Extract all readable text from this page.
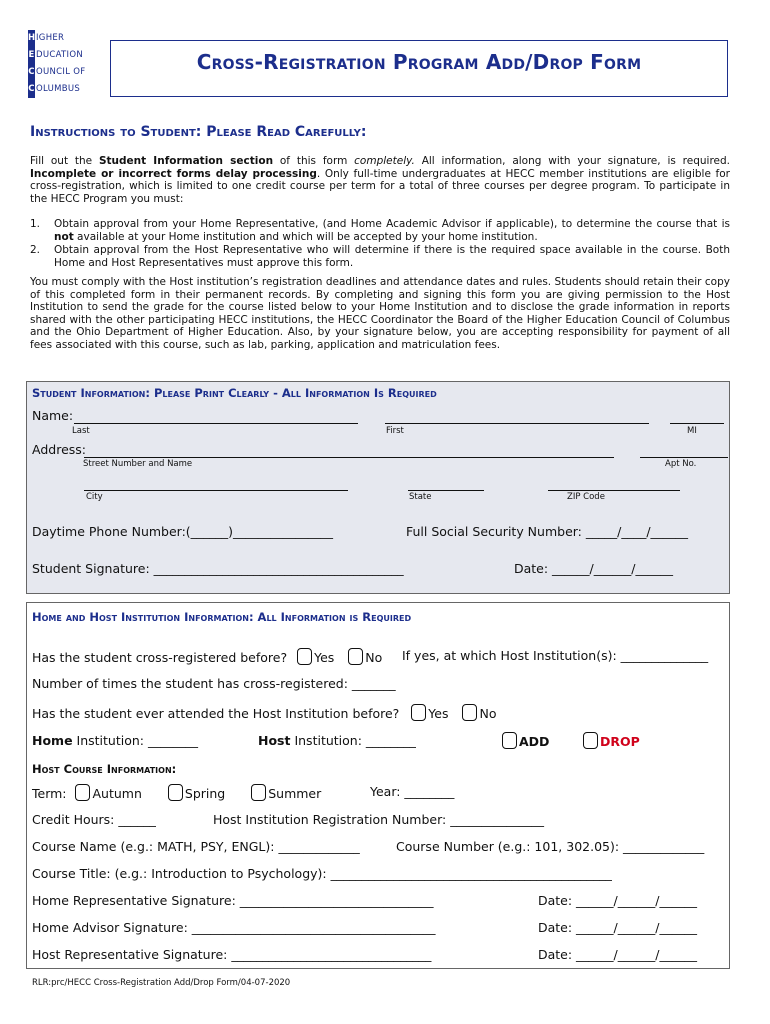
HIGHER
EDUCATION
COUNCIL OF
COLUMBUS
Cross-Registration Program Add/Drop Form
Instructions to Student: Please Read Carefully:
Fill out the Student Information section of this form completely. All information, along with your signature, is required. Incomplete or incorrect forms delay processing. Only full-time undergraduates at HECC member institutions are eligible for cross-registration, which is limited to one credit course per term for a total of three courses per degree program. To participate in the HECC Program you must:
1. Obtain approval from your Home Representative, (and Home Academic Advisor if applicable), to determine the course that is not available at your Home institution and which will be accepted by your home institution.
2. Obtain approval from the Host Representative who will determine if there is the required space available in the course. Both Home and Host Representatives must approve this form.
You must comply with the Host institution’s registration deadlines and attendance dates and rules. Students should retain their copy of this completed form in their permanent records. By completing and signing this form you are giving permission to the Host Institution to send the grade for the course listed below to your Home Institution and to disclose the grade information in reports shared with the other participating HECC institutions, the HECC Coordinator the Board of the Higher Education Council of Columbus and the Ohio Department of Higher Education. Also, by your signature below, you are accepting responsibility for payment of all fees associated with this course, such as lab, parking, application and matriculation fees.
Student Information: Please Print Clearly - All Information Is Required
Name:
Last	First	MI
Address:
Street Number and Name	Apt No.
City	State	ZIP Code
Daytime Phone Number:(______)________________	Full Social Security Number: _____/____/______
Student Signature: ________________________________________	Date: ______/______/______
Home and Host Institution Information: All Information is Required
Has the student cross-registered before? Yes No If yes, at which Host Institution(s): ______________
Number of times the student has cross-registered: _______
Has the student ever attended the Host Institution before? Yes No
Home Institution: ________	Host Institution: ________	ADD	DROP
Host Course Information:
Term: Autumn	Spring	Summer	Year: ________
Credit Hours: ______	Host Institution Registration Number: _______________
Course Name (e.g.: MATH, PSY, ENGL): _____________	Course Number (e.g.: 101, 302.05): _____________
Course Title: (e.g.: Introduction to Psychology): _____________________________________________
Home Representative Signature: _______________________________	Date: ______/______/______
Home Advisor Signature: _______________________________________	Date: ______/______/______
Host Representative Signature: ________________________________	Date: ______/______/______
RLR:prc/HECC Cross-Registration Add/Drop Form/04-07-2020
